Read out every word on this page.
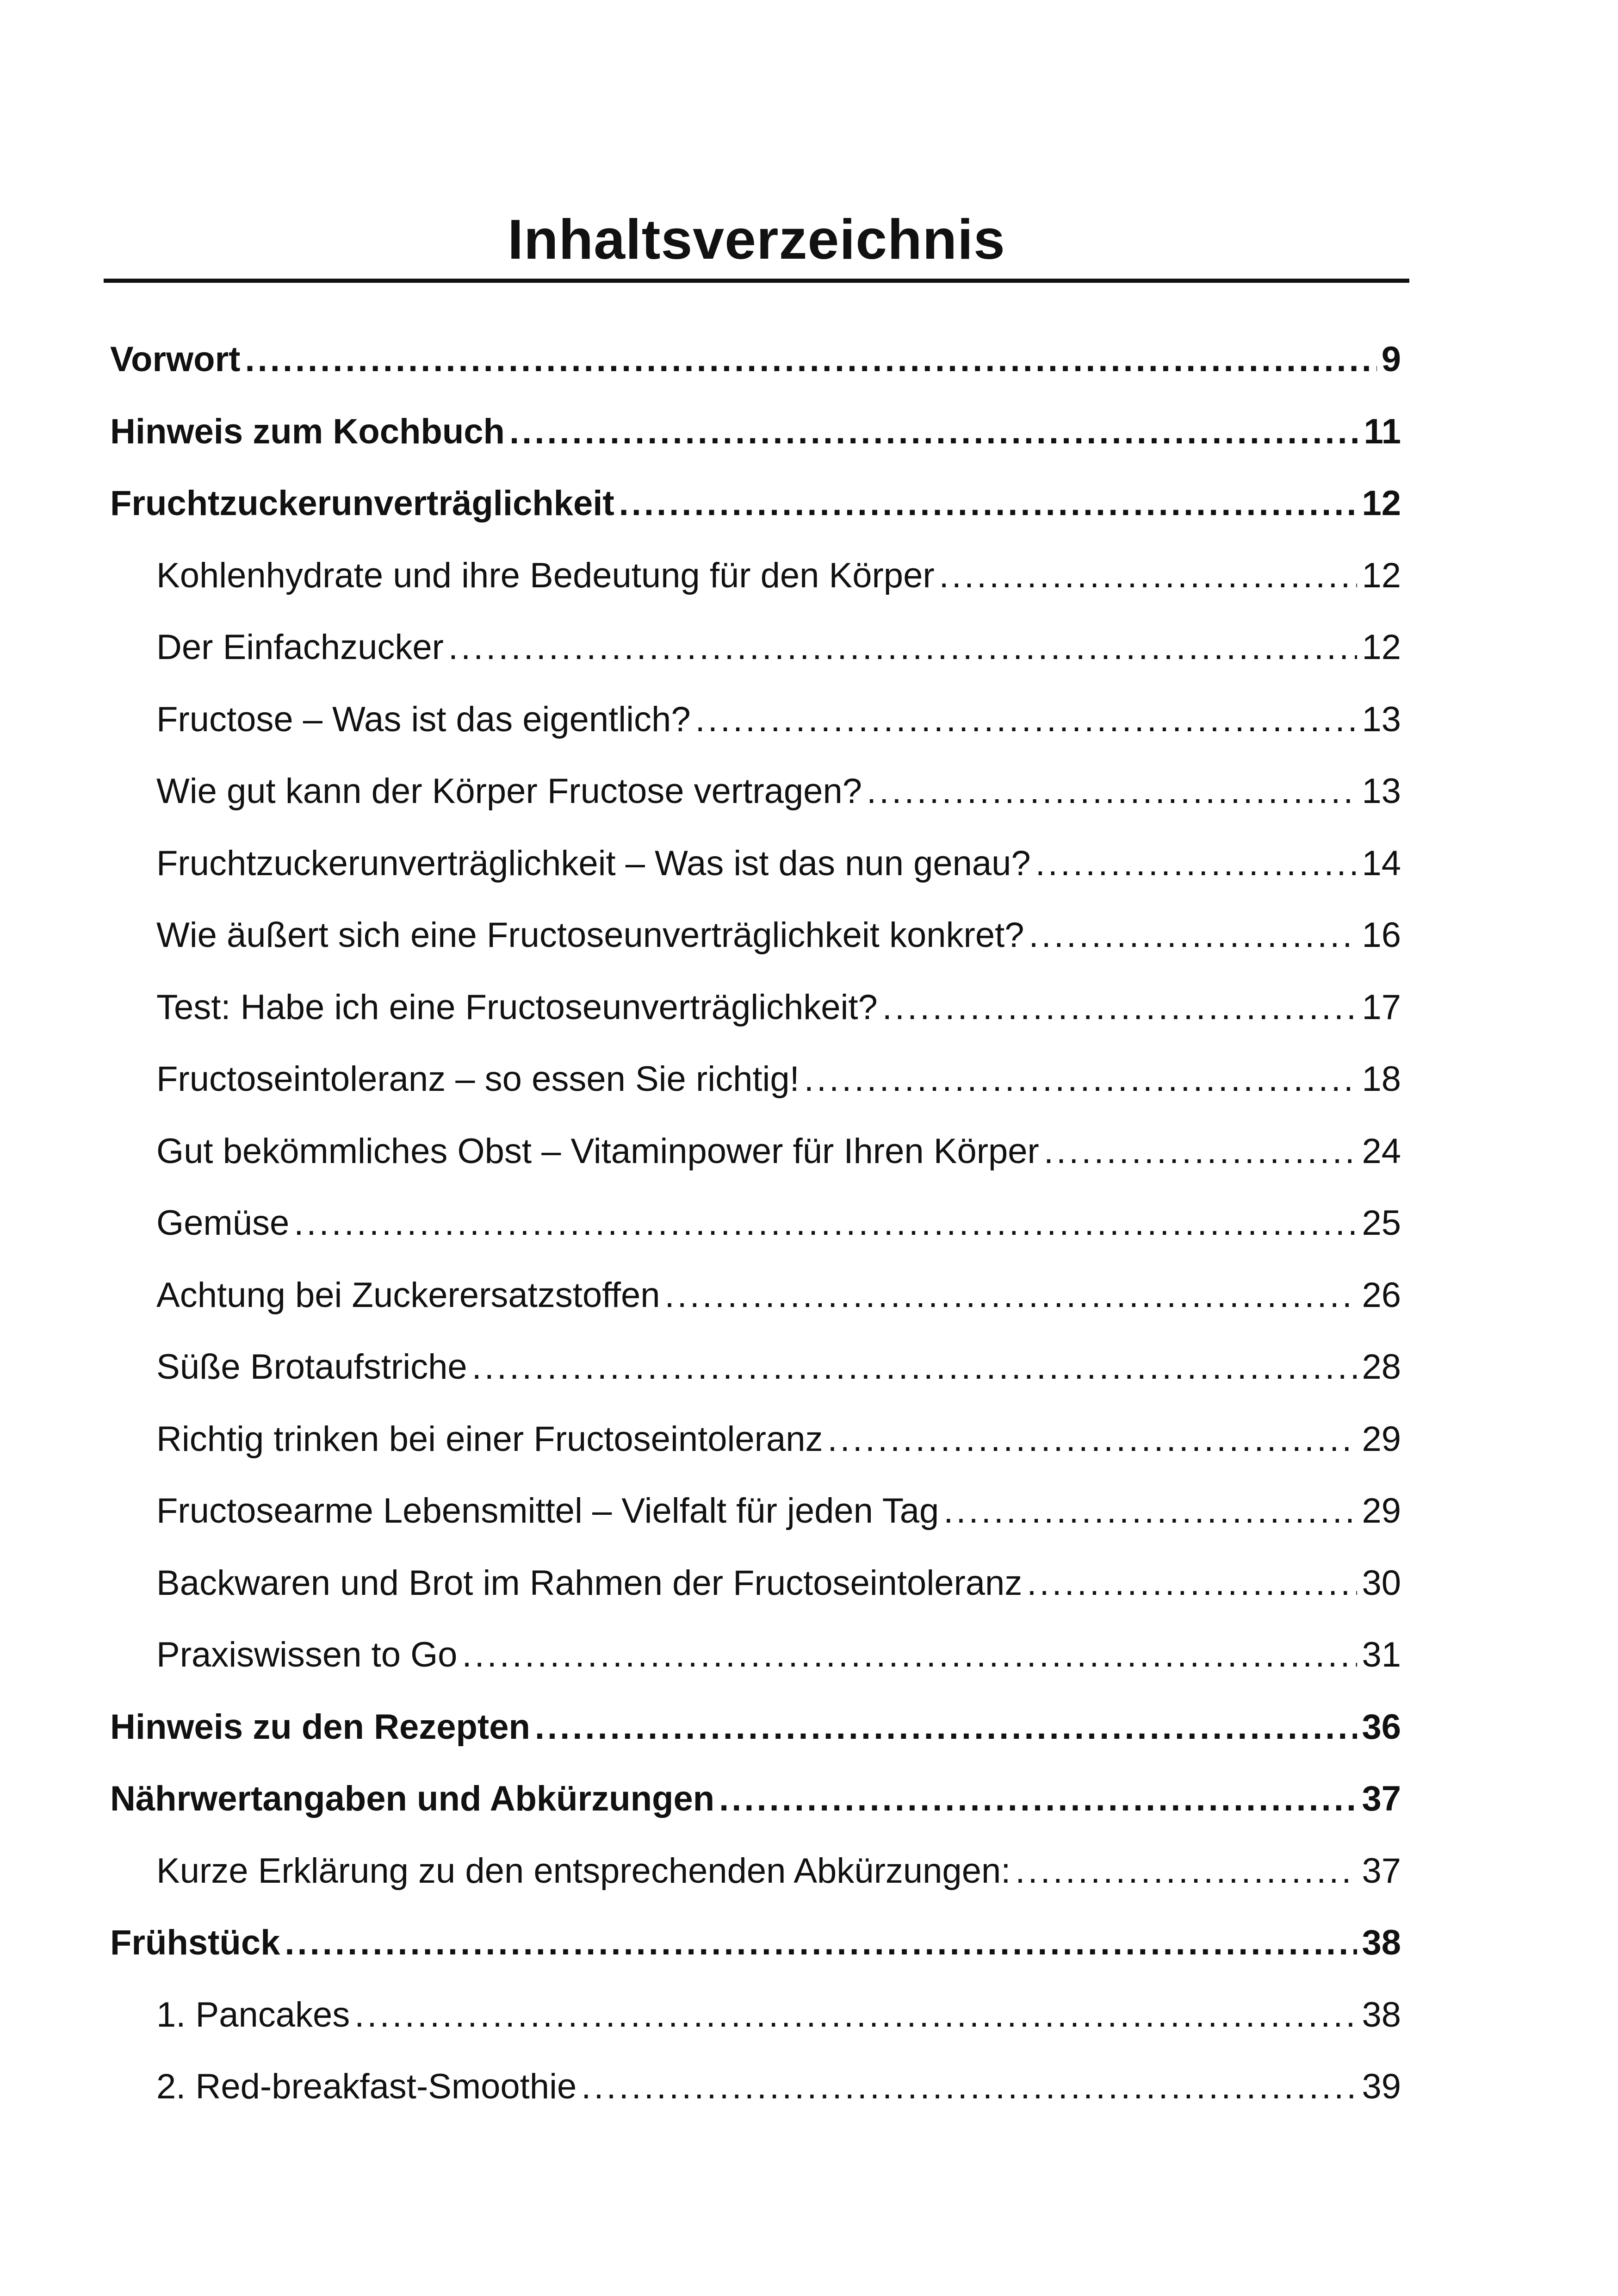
Inhaltsverzeichnis
Vorwort .....	9
Hinweis zum Kochbuch .....	11
Fruchtzuckerunverträglichkeit .....	12
Kohlenhydrate und ihre Bedeutung für den Körper .....	12
Der Einfachzucker .....	12
Fructose – Was ist das eigentlich? .....	13
Wie gut kann der Körper Fructose vertragen? .....	13
Fruchtzuckerunverträglichkeit – Was ist das nun genau? .....	14
Wie äußert sich eine Fructoseunverträglichkeit konkret? .....	16
Test: Habe ich eine Fructoseunverträglichkeit? .....	17
Fructoseintoleranz – so essen Sie richtig! .....	18
Gut bekömmliches Obst – Vitaminpower für Ihren Körper .....	24
Gemüse .....	25
Achtung bei Zuckerersatzstoffen .....	26
Süße Brotaufstriche .....	28
Richtig trinken bei einer Fructoseintoleranz .....	29
Fructosearme Lebensmittel – Vielfalt für jeden Tag .....	29
Backwaren und Brot im Rahmen der Fructoseintoleranz .....	30
Praxiswissen to Go .....	31
Hinweis zu den Rezepten .....	36
Nährwertangaben und Abkürzungen .....	37
Kurze Erklärung zu den entsprechenden Abkürzungen: .....	37
Frühstück .....	38
1. Pancakes .....	38
2. Red-breakfast-Smoothie .....	39
